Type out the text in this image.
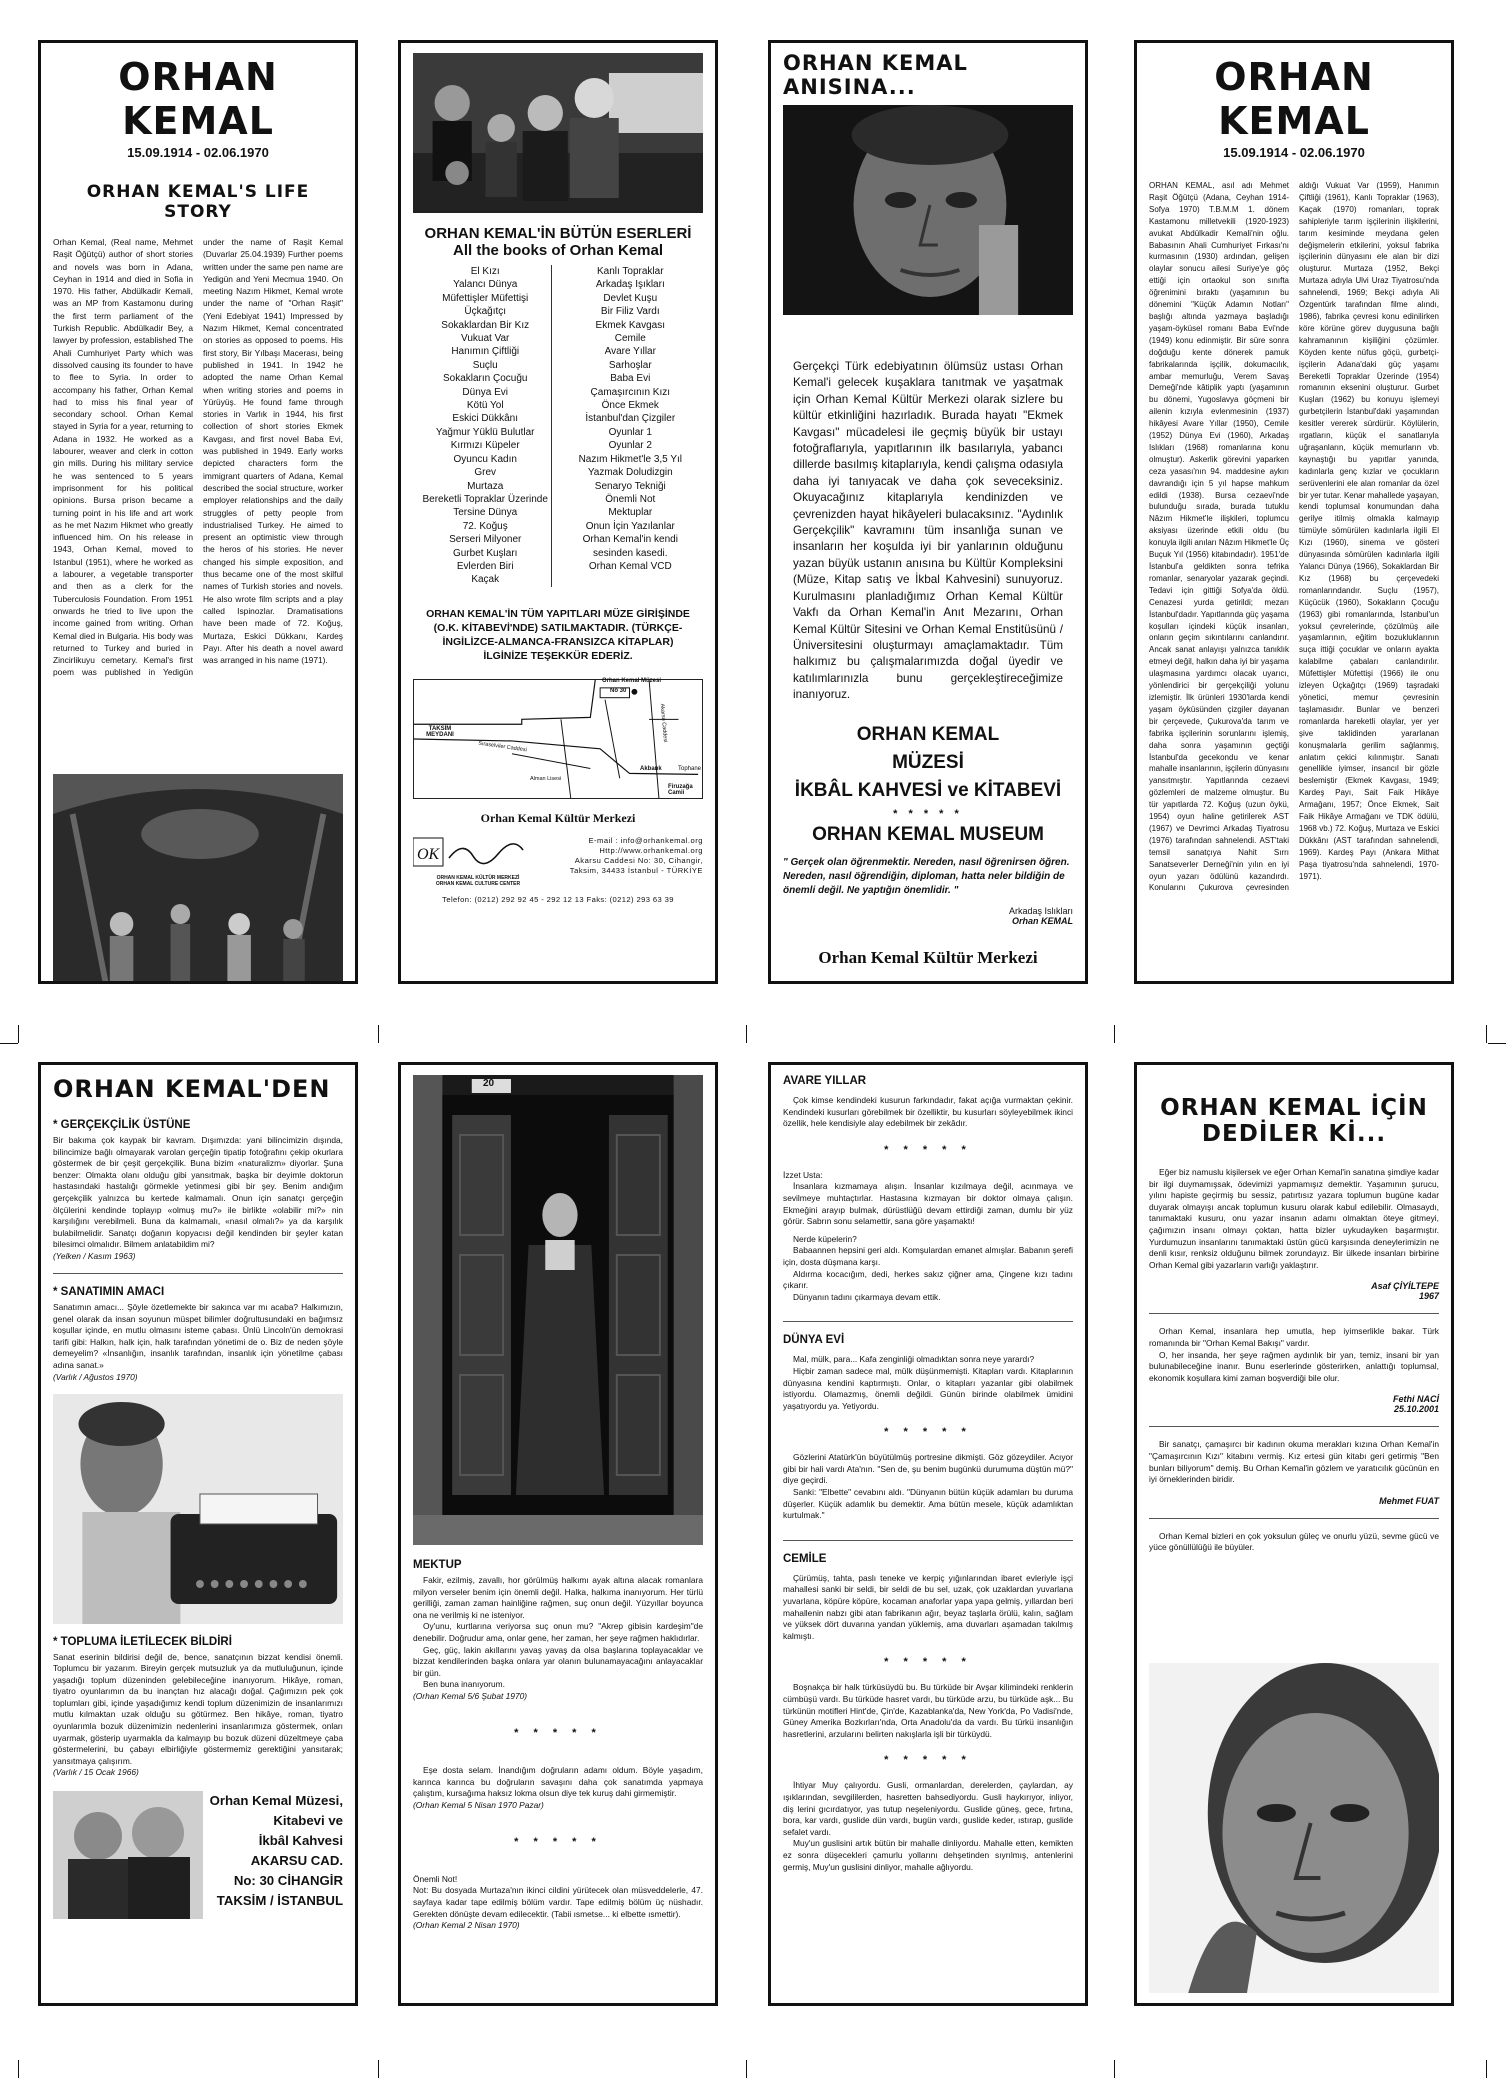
ORHAN KEMAL
15.09.1914 - 02.06.1970
ORHAN KEMAL'S LIFE STORY
Orhan Kemal, (Real name, Mehmet Raşit Öğütçü) author of short stories and novels was born in Adana, Ceyhan in 1914 and died in Sofia in 1970. His father, Abdülkadir Kemali, was an MP from Kastamonu during the first term parliament of the Turkish Republic. Abdülkadir Bey, a lawyer by profession, established The Ahali Cumhuriyet Party which was dissolved causing its founder to have to flee to Syria. In order to accompany his father, Orhan Kemal had to miss his final year of secondary school. Orhan Kemal stayed in Syria for a year, returning to Adana in 1932. He worked as a labourer, weaver and clerk in cotton gin mills. During his military service he was sentenced to 5 years imprisonment for his political opinions. Bursa prison became a turning point in his life and art work as he met Nazım Hikmet who greatly influenced him. On his release in 1943, Orhan Kemal, moved to Istanbul (1951), where he worked as a labourer, a vegetable transporter and then as a clerk for the Tuberculosis Foundation. From 1951 onwards he tried to live upon the income gained from writing. Orhan Kemal died in Bulgaria. His body was returned to Turkey and buried in Zincirlikuyu cemetary. Kemal's first poem was published in Yedigün under the name of Raşit Kemal (Duvarlar 25.04.1939) Further poems written under the same pen name are Yedigün and Yeni Mecmua 1940. On meeting Nazım Hikmet, Kemal wrote under the name of "Orhan Raşit" (Yeni Edebiyat 1941) Impressed by Nazım Hikmet, Kemal concentrated on stories as opposed to poems. His first story, Bir Yılbaşı Macerası, being published in 1941. In 1942 he adopted the name Orhan Kemal when writing stories and poems in Yürüyüş. He found fame through stories in Varlık in 1944, his first collection of short stories Ekmek Kavgası, and first novel Baba Evi, was published in 1949. Early works depicted characters form the immigrant quarters of Adana, Kemal described the social structure, worker employer relationships and the daily struggles of petty people from industrialised Turkey. He aimed to present an optimistic view through the heros of his stories. He never changed his simple exposition, and thus became one of the most skilful names of Turkish stories and novels. He also wrote film scripts and a play called Ispinozlar. Dramatisations have been made of 72. Koğuş, Murtaza, Eskici Dükkanı, Kardeş Payı. After his death a novel award was arranged in his name (1971).
ORHAN KEMAL'İN BÜTÜN ESERLERİ
All the books of Orhan Kemal
El Kızı
Yalancı Dünya
Müfettişler Müfettişi
Üçkağıtçı
Sokaklardan Bir Kız
Vukuat Var
Hanımın Çiftliği
Suçlu
Sokakların Çocuğu
Dünya Evi
Kötü Yol
Eskici Dükkânı
Yağmur Yüklü Bulutlar
Kırmızı Küpeler
Oyuncu Kadın
Grev
Murtaza
Bereketli Topraklar Üzerinde
Tersine Dünya
72. Koğuş
Serseri Milyoner
Gurbet Kuşları
Evlerden Biri
Kaçak
Kanlı Topraklar
Arkadaş Işıkları
Devlet Kuşu
Bir Filiz Vardı
Ekmek Kavgası
Cemile
Avare Yıllar
Sarhoşlar
Baba Evi
Çamaşırcının Kızı
Önce Ekmek
İstanbul'dan Çizgiler
Oyunlar 1
Oyunlar 2
Nazım Hikmet'le 3,5 Yıl
Yazmak Doludizgin
Senaryo Tekniği
Önemli Not
Mektuplar
Onun İçin Yazılanlar
Orhan Kemal'in kendi
sesinden kasedi.
Orhan Kemal VCD
ORHAN KEMAL'İN TÜM YAPITLARI MÜZE GİRİŞİNDE (O.K. KİTABEVİ'NDE) SATILMAKTADIR. (TÜRKÇE-İNGİLİZCE-ALMANCA-FRANSIZCA KİTAPLAR) İLGİNİZE TEŞEKKÜR EDERİZ.
Orhan Kemal Müzesi
No 30
TAKSİM MEYDANI
Sıraselviler Caddesi
Akarsu Caddesi
Akbank	Tophane
Firuzağa Camii
Alman Lisesi
Orhan Kemal Kültür Merkezi
OK
ORHAN KEMAL KÜLTÜR MERKEZİ
ORHAN KEMAL CULTURE CENTER
E-mail : info@orhankemal.org
Http://www.orhankemal.org
Akarsu Caddesi No: 30, Cihangir,
Taksim, 34433 İstanbul - TÜRKİYE
Telefon: (0212) 292 92 45 - 292 12 13 Faks: (0212) 293 63 39
ORHAN KEMAL ANISINA...
Gerçekçi Türk edebiyatının ölümsüz ustası Orhan Kemal'i gelecek kuşaklara tanıtmak ve yaşatmak için Orhan Kemal Kültür Merkezi olarak sizlere bu kültür etkinliğini hazırladık. Burada hayatı "Ekmek Kavgası" mücadelesi ile geçmiş büyük bir ustayı fotoğraflarıyla, yapıtlarının ilk basılarıyla, yabancı dillerde basılmış kitaplarıyla, kendi çalışma odasıyla daha iyi tanıyacak ve daha çok seveceksiniz. Okuyacağınız kitaplarıyla kendinizden ve çevrenizden hayat hikâyeleri bulacaksınız. "Aydınlık Gerçekçilik" kavramını tüm insanlığa sunan ve insanların her koşulda iyi bir yanlarının olduğunu yazan büyük ustanın anısına bu Kültür Kompleksini (Müze, Kitap satış ve İkbal Kahvesini) sunuyoruz. Kurulmasını planladığımız Orhan Kemal Kültür Vakfı da Orhan Kemal'in Anıt Mezarını, Orhan Kemal Kültür Sitesini ve Orhan Kemal Enstitüsünü / Üniversitesini oluşturmayı amaçlamaktadır. Tüm halkımız bu çalışmalarımızda doğal üyedir ve katılımlarınızla bunu gerçekleştireceğimize inanıyoruz.
ORHAN KEMAL
MÜZESİ
İKBÂL KAHVESİ ve KİTABEVİ
* * * * *
ORHAN KEMAL MUSEUM
" Gerçek olan öğrenmektir. Nereden, nasıl öğrenirsen öğren. Nereden, nasıl öğrendiğin, diploman, hatta neler bildiğin de önemli değil. Ne yaptığın önemlidir. "
Arkadaş Islıkları
Orhan KEMAL
Orhan Kemal Kültür Merkezi
ORHAN KEMAL
15.09.1914 - 02.06.1970
ORHAN KEMAL, asıl adı Mehmet Raşit Öğütçü (Adana, Ceyhan 1914-Sofya 1970) T.B.M.M 1. dönem Kastamonu milletvekili (1920-1923) avukat Abdülkadir Kemali'nin oğlu. Babasının Ahali Cumhuriyet Fırkası'nı kurmasının (1930) ardından, gelişen olaylar sonucu ailesi Suriye'ye göç ettiği için ortaokul son sınıfta öğrenimini bıraktı (yaşamının bu dönemini "Küçük Adamın Notları" başlığı altında yazmaya başladığı yaşam-öyküsel romanı Baba Evi'nde (1949) konu edinmiştir. Bir süre sonra doğduğu kente dönerek pamuk fabrikalarında işçilik, dokumacılık, ambar memurluğu, Verem Savaş Derneği'nde kâtiplik yaptı (yaşamının bu dönemi, Yugoslavya göçmeni bir ailenin kızıyla evlenmesinin (1937) hikâyesi Avare Yıllar (1950), Cemile (1952) Dünya Evi (1960), Arkadaş Islıkları (1968) romanlarına konu olmuştur). Askerlik görevini yaparken ceza yasası'nın 94. maddesine aykırı davrandığı için 5 yıl hapse mahkum edildi (1938). Bursa cezaevi'nde bulunduğu sırada, burada tutuklu Nâzım Hikmet'le ilişkileri, toplumcu aksiyası üzerinde etkili oldu (bu konuyla ilgili anıları Nâzım Hikmet'le Üç Buçuk Yıl (1956) kitabındadır). 1951'de İstanbul'a geldikten sonra tefrika romanlar, senaryolar yazarak geçindi. Tedavi için gittiği Sofya'da öldü. Cenazesi yurda getirildi; mezarı İstanbul'dadır. Yapıtlarında güç yaşama koşulları içindeki küçük insanları, onların geçim sıkıntılarını canlandırır. Ancak sanat anlayışı yalnızca tanıklık etmeyi değil, halkın daha iyi bir yaşama ulaşmasına yardımcı olacak uyarıcı, yönlendirici bir gerçekçiliği yolunu izlemiştir. İlk ürünleri 1930'larda kendi yaşam öyküsünden çizgiler dayanan bir çerçevede, Çukurova'da tarım ve fabrika işçilerinin sorunlarını işlemiş, daha sonra yaşamının geçtiği İstanbul'da gecekondu ve kenar mahalle insanlarının, işçilerin dünyasını yansıtmıştır. Yapıtlarında cezaevi gözlemleri de malzeme olmuştur. Bu tür yapıtlarda 72. Koğuş (uzun öykü, 1954) oyun haline getirilerek AST (1967) ve Devrimci Arkadaş Tiyatrosu (1976) tarafından sahnelendi. AST'taki temsil sanatçıya Nahit Sırrı Sanatseverler Derneği'nin yılın en iyi oyun yazarı ödülünü kazandırdı. Konularını Çukurova çevresinden aldığı Vukuat Var (1959), Hanımın Çiftliği (1961), Kanlı Topraklar (1963), Kaçak (1970) romanları, toprak sahipleriyle tarım işçilerinin ilişkilerini, tarım kesiminde meydana gelen değişmelerin etkilerini, yoksul fabrika işçilerinin dünyasını ele alan bir dizi oluşturur. Murtaza (1952, Bekçi Murtaza adıyla Ulvi Uraz Tiyatrosu'nda sahnelendi, 1969; Bekçi adıyla Ali Özgentürk tarafından filme alındı, 1986), fabrika çevresi konu edinilirken köre körüne görev duygusuna bağlı kahramanının kişiliğini çözümler. Köyden kente nüfus göçü, gurbetçi-işçilerin Adana'daki güç yaşamı Bereketli Topraklar Üzerinde (1954) romanının eksenini oluşturur. Gurbet Kuşları (1962) bu konuyu işlemeyi gurbetçilerin İstanbul'daki yaşamından kesitler vererek sürdürür. Köylülerin, ırgatların, küçük el sanatlarıyla uğraşanların, küçük memurların vb. kaynaştığı bu yapıtlar yanında, kadınlarla genç kızlar ve çocukların serüvenlerini ele alan romanlar da özel bir yer tutar. Kenar mahallede yaşayan, kendi toplumsal konumundan daha gerilye itilmiş olmakla kalmayıp tümüyle sömürülen kadınlarla ilgili El Kızı (1960), sinema ve gösteri dünyasında sömürülen kadınlarla ilgili Yalancı Dünya (1966), Sokaklardan Bir Kız (1968) bu çerçevedeki romanlarındandır. Suçlu (1957), Küçücük (1960), Sokakların Çocuğu (1963) gibi romanlarında, İstanbul'un yoksul çevrelerinde, çözülmüş aile yaşamlarının, eğitim bozukluklarının suça ittiği çocuklar ve onların ayakta kalabilme çabaları canlandırılır. Müfettişler Müfettişi (1966) ile onu izleyen Üçkağıtçı (1969) taşradaki yönetici, memur çevresinin taşlamasıdır. Bunlar ve benzeri romanlarda hareketli olaylar, yer yer şive taklidinden yararlanan konuşmalarla gerilim sağlanmış, anlatım çekici kılınmıştır. Sanatı genellikle iyimser, insancıl bir gözle beslemiştir (Ekmek Kavgası, 1949; Kardeş Payı, Sait Faik Hikâye Armağanı, 1957; Önce Ekmek, Sait Faik Hikâye Armağanı ve TDK ödülü, 1968 vb.) 72. Koğuş, Murtaza ve Eskici Dükkânı (AST tarafından sahnelendi, 1969). Kardeş Payı (Ankara Mithat Paşa tiyatrosu'nda sahnelendi, 1970-1971).
ORHAN KEMAL'DEN
* GERÇEKÇİLİK ÜSTÜNE
Bir bakıma çok kaypak bir kavram. Dışımızda: yani bilincimizin dışında, bilincimize bağlı olmayarak varolan gerçeğin tipatip fotoğrafını çekip okurlara göstermek de bir çeşit gerçekçilik. Buna bizim «naturalizm» diyorlar. Şuna benzer: Olmakta olanı olduğu gibi yansıtmak, başka bir deyimle doktorun hastasındaki hastalığı görmekle yetinmesi gibi bir şey. Benim andığım gerçekçilik yalnızca bu kertede kalmamalı. Onun için sanatçı gerçeğin ölçülerini kendinde toplayıp «olmuş mu?» ile birlikte «olabilir mi?» nin karşılığını verebilmeli. Buna da kalmamalı, «nasıl olmalı?» ya da karşılık bulabilmelidir. Sanatçı doğanın kopyacısı değil kendinden bir şeyler katan bilesimci olmalıdır. Bilmem anlatabildim mi?
(Yelken / Kasım 1963)
* SANATIMIN AMACI
Sanatımın amacı... Şöyle özetlemekte bir sakınca var mı acaba? Halkımızın, genel olarak da insan soyunun müspet bilimler doğrultusundaki en bağımsız koşullar içinde, en mutlu olmasını isteme çabası. Ünlü Lincoln'ün demokrasi tarifi gibi: Halkın, halk için, halk tarafından yönetimi de o. Biz de neden şöyle demeyelim? «İnsanlığın, insanlık tarafından, insanlık için yönetilme çabası adına sanat.»
(Varlık / Ağustos 1970)
* TOPLUMA İLETİLECEK BİLDİRİ
Sanat eserinin bildirisi değil de, bence, sanatçının bizzat kendisi önemli. Toplumcu bir yazarım. Bireyin gerçek mutsuzluk ya da mutluluğunun, içinde yaşadığı toplum düzeninden gelebileceğine inanıyorum. Hikâye, roman, tiyatro oyunlarımın da bu inançtan hız alacağı doğal. Çağımızın pek çok toplumları gibi, içinde yaşadığımız kendi toplum düzenimizin de insanlarımızı mutlu kılmaktan uzak olduğu su götürmez. Ben hikâye, roman, tiyatro oyunlarımla bozuk düzenimizin nedenlerini insanlarımıza göstermek, onları uyarmak, gösterip uyarmakla da kalmayıp bu bozuk düzeni düzeltmeye çaba göstermelerini, bu çabayı elbirliğiyle göstermemiz gerektiğini yansıtarak; yansıtmaya çalışırım.
(Varlık / 15 Ocak 1966)
Orhan Kemal Müzesi,
Kitabevi ve
İkbâl Kahvesi
AKARSU CAD.
No: 30 CİHANGİR
TAKSİM / İSTANBUL
20
MEKTUP
Fakir, ezilmiş, zavallı, hor görülmüş halkımı ayak altına alacak romanlara milyon verseler benim için önemli değil. Halka, halkıma inanıyorum. Her türlü gerilliği, zaman zaman hainliğine rağmen, suç onun değil. Yüzyıllar boyunca ona ne verilmiş ki ne isteniyor.
Oy'unu, kurtlarına veriyorsa suç onun mu? "Akrep gibisin kardeşim"de denebilir. Doğrudur ama, onlar gene, her zaman, her şeye rağmen haklıdırlar.
Geç, güç, lakin akıllarını yavaş yavaş da olsa başlarına toplayacaklar ve bizzat kendilerinden başka onlara yar olanın bulunamayacağını anlayacaklar bir gün.
Ben buna inanıyorum.
(Orhan Kemal 5/6 Şubat 1970)
* * * * *
Eşe dosta selam. İnandığım doğruların adamı oldum. Böyle yaşadım, karınca karınca bu doğruların savaşını daha çok sanatımda yapmaya çalıştım, kursağıma haksız lokma olsun diye tek kuruş dahi girmemiştir.
(Orhan Kemal 5 Nisan 1970 Pazar)
* * * * *
Önemli Not!
Not: Bu dosyada Murtaza'nın ikinci cildini yürütecek olan müsveddelerle, 47. sayfaya kadar tape edilmiş bölüm vardır. Tape edilmiş bölüm üç nüshadır. Gerekten dönüşte devam edilecektir. (Tabii ısmetse... ki elbette ısmettir).
(Orhan Kemal 2 Nisan 1970)
AVARE YILLAR
Çok kimse kendindeki kusurun farkındadır, fakat açığa vurmaktan çekinir. Kendindeki kusurları görebilmek bir özelliktir, bu kusurları söyleyebilmek ikinci özellik, hele kendisiyle alay edebilmek bir zekâdır.
* * * * *
İzzet Usta:
İnsanlara kızmamaya alışın. İnsanlar kızılmaya değil, acınmaya ve sevilmeye muhtaçtırlar. Hastasına kızmayan bir doktor olmaya çalışın. Ekmeğini arayıp bulmak, dürüstlüğü devam ettirdiği zaman, dumlu bir yüz görür. Sabrın sonu selamettir, sana göre yaşamaktı!
Nerde küpelerin?
Babaannen hepsini geri aldı. Komşulardan emanet almışlar. Babanın şerefi için, dosta düşmana karşı.
Aldırma kocacığım, dedi, herkes sakız çiğner ama, Çingene kızı tadını çıkarır.
Dünyanın tadını çıkarmaya devam ettik.
DÜNYA EVİ
Mal, mülk, para... Kafa zenginliği olmadıktan sonra neye yarardı?
Hiçbir zaman sadece mal, mülk düşünmemişti. Kitapları vardı. Kitaplarının dünyasına kendini kaptırmıştı. Onlar, o kitapları yazanlar gibi olabilmek istiyordu. Olamazmış, önemli değildi. Günün birinde olabilmek ümidini yaşatıyordu ya. Yetiyordu.
* * * * *
Gözlerini Atatürk'ün büyütülmüş portresine dikmişti. Göz gözeydiler. Acıyor gibi bir hali vardı Ata'nın. "Sen de, şu benim bugünkü durumuma düştün mü?" diye geçirdi.
Sanki: "Elbette" cevabını aldı. "Dünyanın bütün küçük adamları bu duruma düşerler. Küçük adamlık bu demektir. Ama bütün mesele, küçük adamlıktan kurtulmak."
CEMİLE
Çürümüş, tahta, paslı teneke ve kerpiç yığınlarından ibaret evleriyle işçi mahallesi sanki bir seldi, bir seldi de bu sel, uzak, çok uzaklardan yuvarlana yuvarlana, köpüre köpüre, kocaman anaforlar yapa yapa gelmiş, yıllardan beri mahallenin nabzı gibi atan fabrikanın ağır, beyaz taşlarla örülü, kalın, sağlam ve yüksek dört duvarına yandan yüklemiş, ama duvarları aşamadan takılmış kalmıştı.
* * * * *
Boşnakça bir halk türküsüydü bu. Bu türküde bir Avşar kilimindeki renklerin cümbüşü vardı. Bu türküde hasret vardı, bu türküde arzu, bu türküde aşk... Bu türkünün motifleri Hint'de, Çin'de, Kazablanka'da, New York'da, Po Vadisi'nde, Güney Amerika Bozkırları'nda, Orta Anadolu'da da vardı. Bu türkü insanlığın hasretlerini, arzularını belirten nakışlarla işli bir türküydü.
* * * * *
İhtiyar Muy çalıyordu. Gusli, ormanlardan, derelerden, çaylardan, ay ışıklarından, sevgililerden, hasretten bahsediyordu. Gusli haykırıyor, inliyor, diş lerini gıcırdatıyor, yas tutup neşeleniyordu. Guslide güneş, gece, fırtına, bora, kar vardı, guslide dün vardı, bugün vardı, guslide keder, ıstırap, guslide sefalet vardı.
Muy'un guslisini artık bütün bir mahalle dinliyordu. Mahalle etten, kemikten ez sonra düşecekleri çamurlu yollarını dehşetinden sıyrılmış, antenlerini germiş, Muy'un guslisini dinliyor, mahalle ağlıyordu.
ORHAN KEMAL İÇİN
DEDİLER Kİ...
Eğer biz namuslu kişilersek ve eğer Orhan Kemal'in sanatına şimdiye kadar bir ilgi duymamışsak, ödevimizi yapmamışız demektir. Yaşamının şurucu, yılını hapiste geçirmiş bu sessiz, patırtısız yazara toplumun bugüne kadar duyarak olmayışı ancak toplumun kusuru olarak kabul edilebilir. Olmasaydı, tanımaktaki kusuru, onu yazar insanın adamı olmaktan öteye gitmeyi, çağımızın insanı olmayı çoktan, hatta bizler uykudayken başarmıştır. Yurdumuzun insanlarını tanımaktaki üstün gücü karşısında deneylerimizin ne denli kısır, renksiz olduğunu bilmek zorundayız. Bir ülkede insanları birbirine Orhan Kemal gibi yazarların varlığı yaklaştırır.
Asaf ÇİYİLTEPE
1967
Orhan Kemal, insanlara hep umutla, hep iyimserlikle bakar. Türk romanında bir "Orhan Kemal Bakışı" vardır.
O, her insanda, her şeye rağmen aydınlık bir yan, temiz, insani bir yan bulunabileceğine inanır. Bunu eserlerinde gösterirken, anlattığı toplumsal, ekonomik koşullara kimi zaman boşverdiği bile olur.
Fethi NACİ
25.10.2001
Bir sanatçı, çamaşırcı bir kadının okuma merakları kızına Orhan Kemal'in "Çamaşırcının Kızı" kitabını vermiş. Kız ertesi gün kitabı geri getirmiş "Ben bunları biliyorum" demiş. Bu Orhan Kemal'in gözlem ve yaratıcılık gücünün en iyi örneklerinden biridir.
Mehmet FUAT
Orhan Kemal bizleri en çok yoksulun güleç ve onurlu yüzü, sevme gücü ve yüce gönüllülüğü ile büyüler.
